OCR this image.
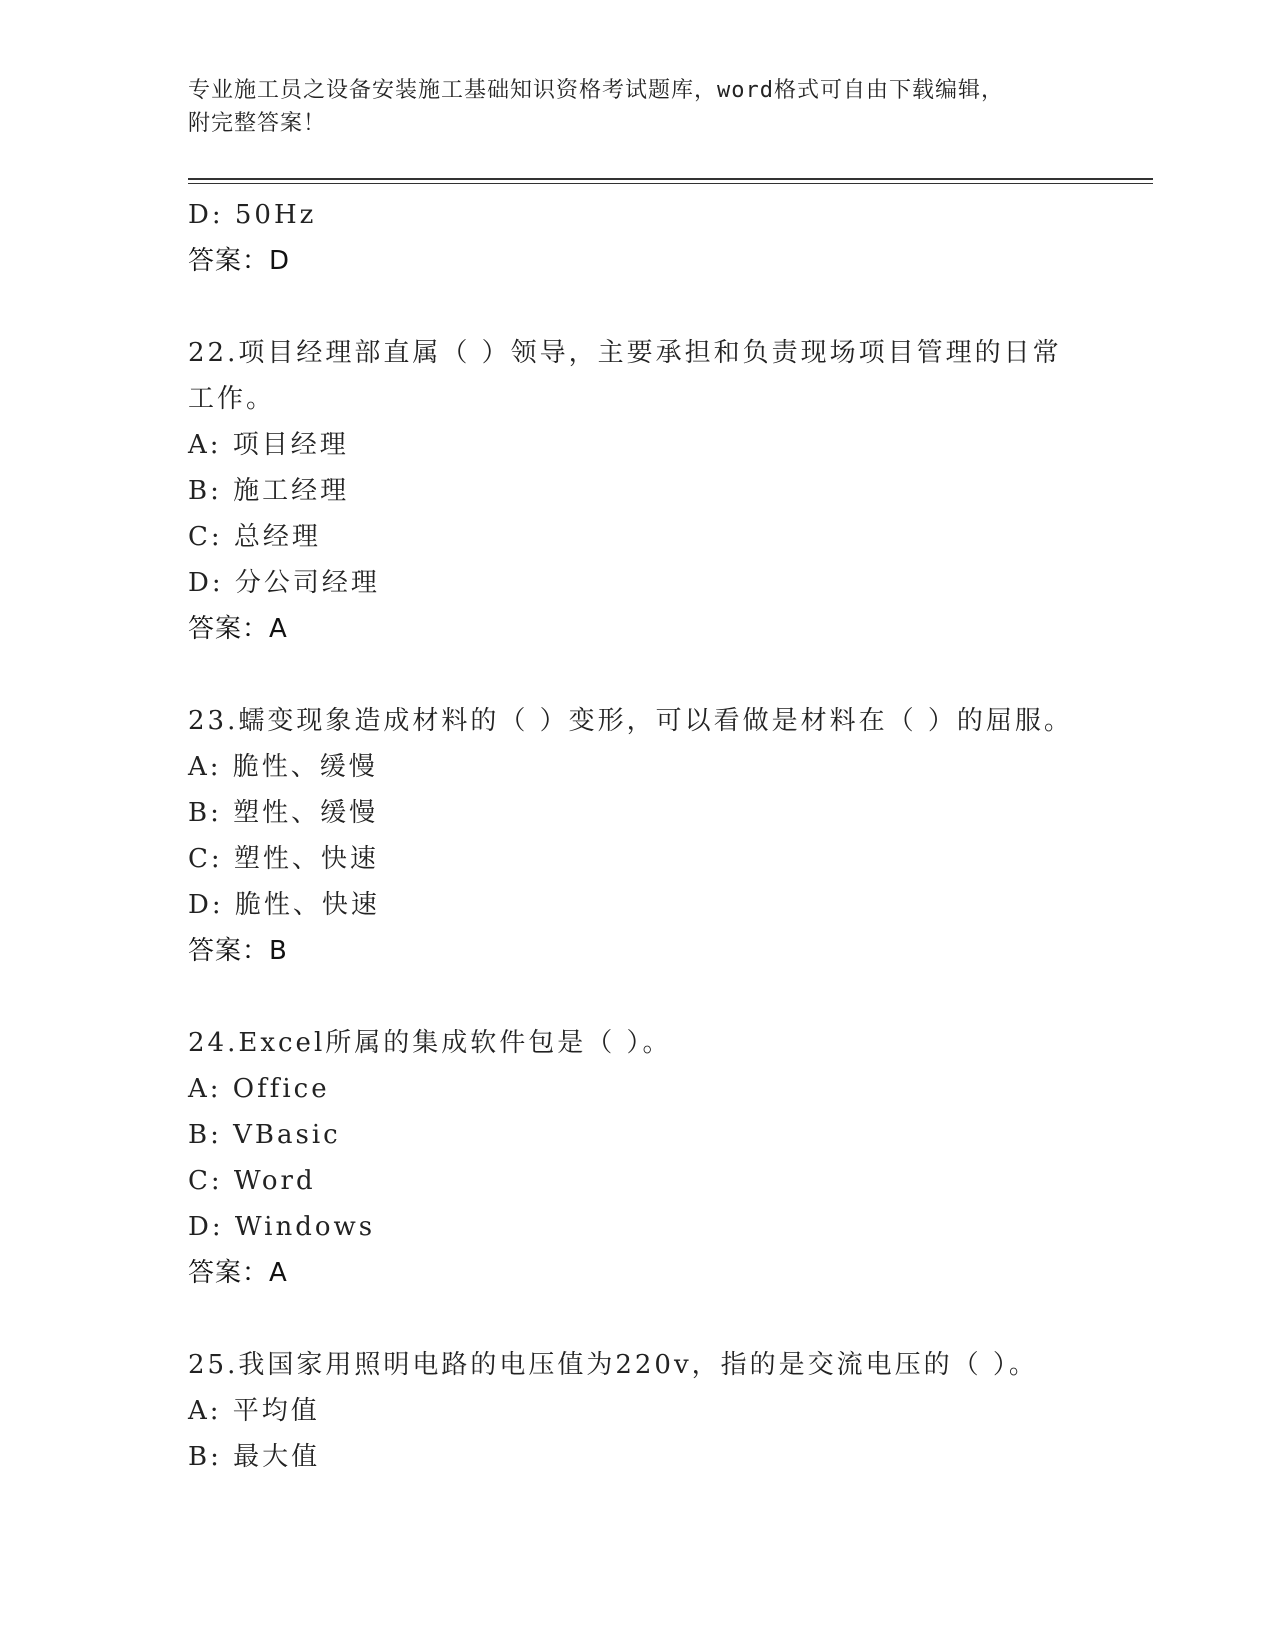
专业施工员之设备安装施工基础知识资格考试题库，word格式可自由下载编辑，
附完整答案！
D: 50Hz
答案：D
22.项目经理部直属（ ）领导，主要承担和负责现场项目管理的日常
工作。
A: 项目经理
B: 施工经理
C: 总经理
D: 分公司经理
答案：A
23.蠕变现象造成材料的（ ）变形，可以看做是材料在（ ）的屈服。
A: 脆性、缓慢
B: 塑性、缓慢
C: 塑性、快速
D: 脆性、快速
答案：B
24.Excel所属的集成软件包是（ ）。
A: Office
B: VBasic
C: Word
D: Windows
答案：A
25.我国家用照明电路的电压值为220v，指的是交流电压的（ ）。
A: 平均值
B: 最大值
